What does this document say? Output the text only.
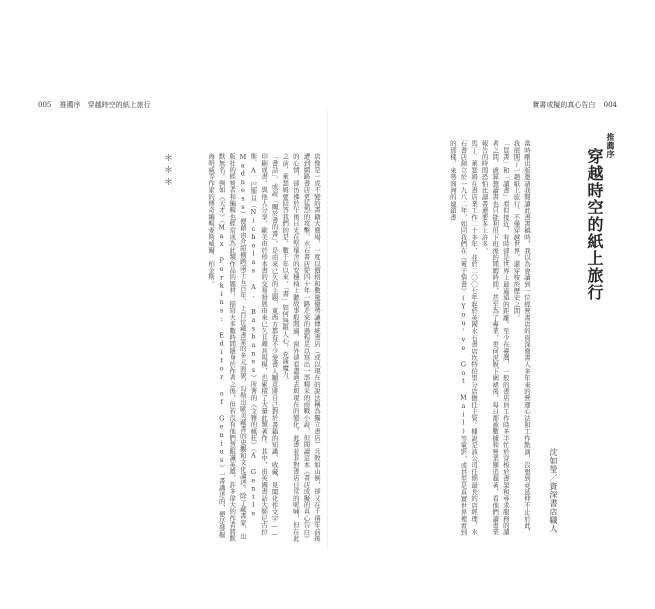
005 推薦序　穿越時空的紙上旅行	寶書或擬的真心告白 004
推薦序
穿越時空的紙上旅行
當時剛出版邀請我閱讀此書書稿時，我以為會讀到一位經營書店的資深賣書人多年來的營運心法和工作點滴，沒想到竟延伸不止於此，我展開了一趟紙上旅行，不僅穿越世界，還穿梭於歷史之間。
「買書」和「讀書」看似接近，有時卻是世界上最遙遠的距離。至少在臺灣，一般的書店員工作時多半忙於穿梭於書架和尋求服務的讀者之間，就算想讀書也只能利用下班後的閒暇時間，甚至為了專業，更何況脫下圍裙後，每日都被數據和營業額追趕著，看他們讀書業報告的時間恐怕比讀書還要多上許多。
馬丁．萊瑟姆在書店業工作二十多年，並於二〇〇七年起於英國水石書店坎特伯里分店擔任主管。據說是該公司任期最長的店經理，水石書店創立於一九八二年，如同我們在《電子情書》(You've Got Mail)等電影，或甚至是真實世界裡看到的那樣，來勢洶洶的連鎖書
沈如瑩／資深書店職人
店像是一成不變的書籍大賣場，一度以價格和數量優勢讓傳統書店（或以現在的說法稱為獨立書店）兵敗如山倒，卻又在千禧年前後遭到網路書店更猛烈的攻擊。水石書店從四十年一路走來的過程足以寫出一部精采的商戰小說，但閱讀這本《書店或擬的真心告白》的心情，卻彷彿於午後日光在堅壤舍的安穩椅上聽故事般閒適，窗外卻看盡過去與現在的變化。此書並非對書店日常的呢喃，但在此之前，萊瑟姆要回答我們的是，數千年以來，「書」如何無限人心，充滿魔力。
「書話」、或說「關於書的書」，是由來已久的主題，東西方都有不少愛書人願意將自己對於書籍的知識、收藏、見聞化作文字——印刷成書，與他人分享。歐美由於珍本書的交易發展由來已久且頗具規模，也累積了大量此類著作。其中，由英國書話大師尼古拉斯．A．巴斯貝（Nicholas A. Basbanes）所著的《文雅的瘋狂》（A Gentle Madness）便藉由介紹橫跨兩千五百年、上百位藏書家的多元面貌，勾勒出歐美藏書的史觀和文化論述。除了藏書家，出版社的經營者和編輯也經常成為此類作品的題材，描寫大多數時間隱身於作者之後，但若沒有他們慧眼識英雄，許多偉大的作者將默默無名。例如《天才》（Max Perkins: Editor of Genius）一書講述的，便是發掘海明威等作家的傳奇編輯麥斯威爾．柏金斯。
＊＊＊
